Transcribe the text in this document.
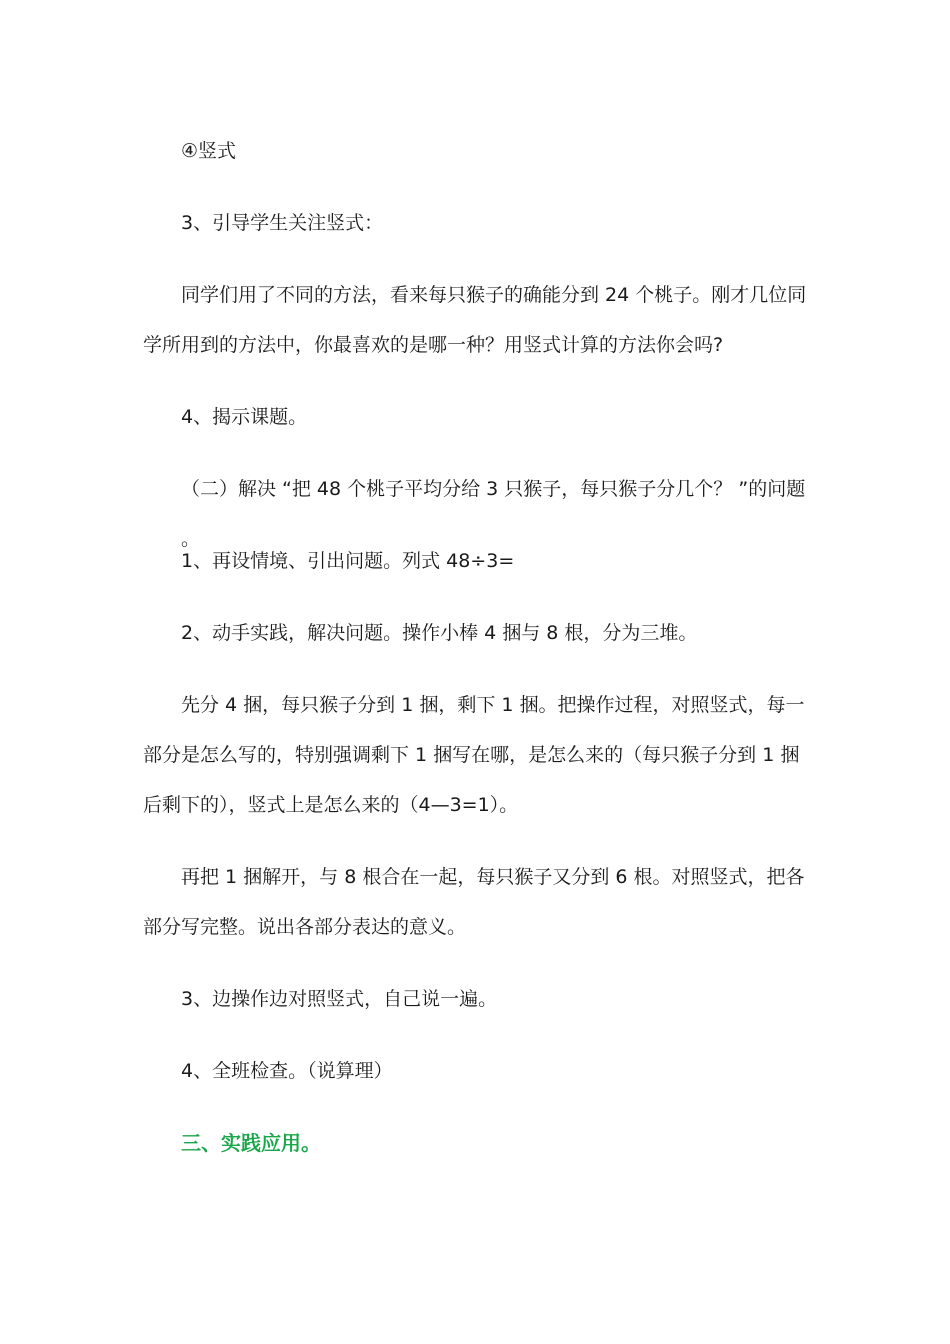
④竖式

3、引导学生关注竖式：

同学们用了不同的方法，看来每只猴子的确能分到 24 个桃子。刚才几位同学所用到的方法中，你最喜欢的是哪一种？用竖式计算的方法你会吗?

4、揭示课题。

（二）解决 “把 48 个桃子平均分给 3 只猴子，每只猴子分几个？ ”的问题 。

1、再设情境、引出问题。列式 48÷3=

2、动手实践，解决问题。操作小棒 4 捆与 8 根，分为三堆。

先分 4 捆，每只猴子分到 1 捆，剩下 1 捆。把操作过程，对照竖式，每一部分是怎么写的，特别强调剩下 1 捆写在哪，是怎么来的（每只猴子分到 1 捆后剩下的），竖式上是怎么来的（4—3=1）。

再把 1 捆解开，与 8 根合在一起，每只猴子又分到 6 根。对照竖式，把各部分写完整。说出各部分表达的意义。

3、边操作边对照竖式，自己说一遍。

4、全班检查。（说算理）

三、实践应用。
